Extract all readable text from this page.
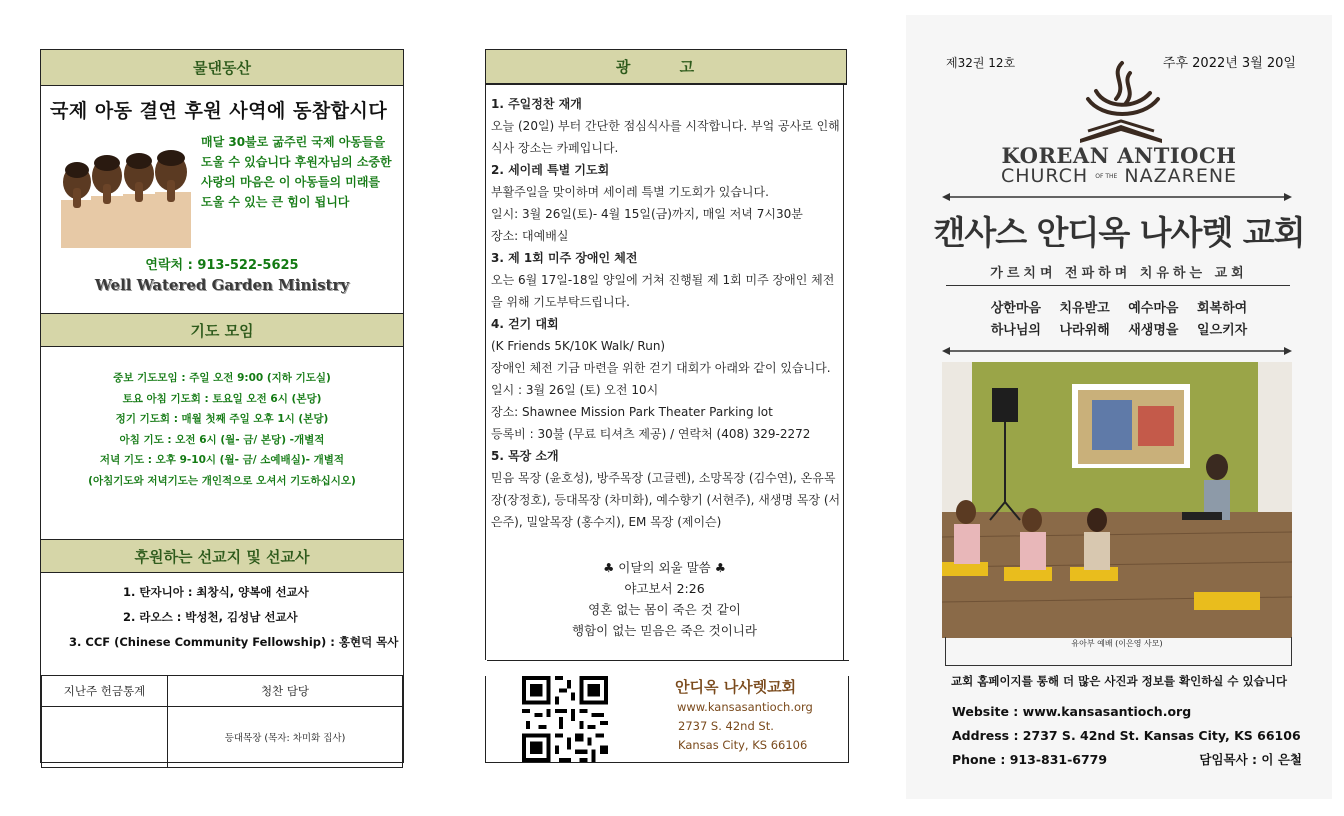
물댄동산
국제 아동 결연 후원 사역에 동참합시다
매달 30불로 굶주린 국제 아동들을 도울 수 있습니다 후원자님의 소중한 사랑의 마음은 이 아동들의 미래를 도울 수 있는 큰 힘이 됩니다
연락처 : 913-522-5625
Well Watered Garden Ministry
기도 모임
중보 기도모임 : 주일 오전 9:00 (지하 기도실)
토요 아침 기도회 : 토요일 오전 6시 (본당)
정기 기도회 : 매월 첫째 주일 오후 1시 (본당)
아침 기도 : 오전 6시 (월- 금/ 본당) -개별적
저녁 기도 : 오후 9-10시 (월- 금/ 소예배실)- 개별적
(아침기도와 저녁기도는 개인적으로 오셔서 기도하십시오)
후원하는 선교지 및 선교사
1. 탄자니아 : 최창식, 양복애 선교사
2. 라오스 : 박성천, 김성남 선교사
3. CCF (Chinese Community Fellowship) : 홍현덕 목사
지난주 헌금통계	청찬 담당
	등대목장 (목자: 차미화 집사)
광 고
1. 주일정찬 재개
오늘 (20일) 부터 간단한 점심식사를 시작합니다. 부엌 공사로 인해 식사 장소는 카페입니다.
2. 세이레 특별 기도회
부활주일을 맞이하며 세이레 특별 기도회가 있습니다.
일시: 3월 26일(토)- 4월 15일(금)까지, 매일 저녁 7시30분
장소: 대예배실
3. 제 1회 미주 장애인 체전
오는 6월 17일-18일 양일에 거쳐 진행될 제 1회 미주 장애인 체전을 위해 기도부탁드립니다.
4. 걷기 대회
(K Friends 5K/10K Walk/ Run)
장애인 체전 기금 마련을 위한 걷기 대회가 아래와 같이 있습니다. 일시 : 3월 26일 (토) 오전 10시
장소: Shawnee Mission Park Theater Parking lot
등록비 : 30불 (무료 티셔츠 제공) / 연락처 (408) 329-2272
5. 목장 소개
믿음 목장 (윤호성), 방주목장 (고글렌), 소망목장 (김수연), 온유목장(장정호), 등대목장 (차미화), 예수향기 (서현주), 새생명 목장 (서은주), 밀알목장 (홍수지), EM 목장 (제이슨)
♣ 이달의 외울 말씀 ♣
야고보서 2:26
영혼 없는 몸이 죽은 것 같이
행함이 없는 믿음은 죽은 것이니라
안디옥 나사렛교회
www.kansasantioch.org
2737 S. 42nd St.
Kansas City, KS 66106
제32권 12호	주후 2022년 3월 20일
KOREAN ANTIOCH
CHURCH OF THE NAZARENE
캔사스 안디옥 나사렛 교회
가르치며 전파하며 치유하는 교회
상한마음 치유받고 예수마음 회복하여
하나님의 나라위해 새생명을 일으키자
유아부 예배 (이은영 사모)
교회 홈페이지를 통해 더 많은 사진과 정보를 확인하실 수 있습니다
Website : www.kansasantioch.org
Address : 2737 S. 42nd St. Kansas City, KS 66106
Phone : 913-831-6779	담임목사 : 이 은철
